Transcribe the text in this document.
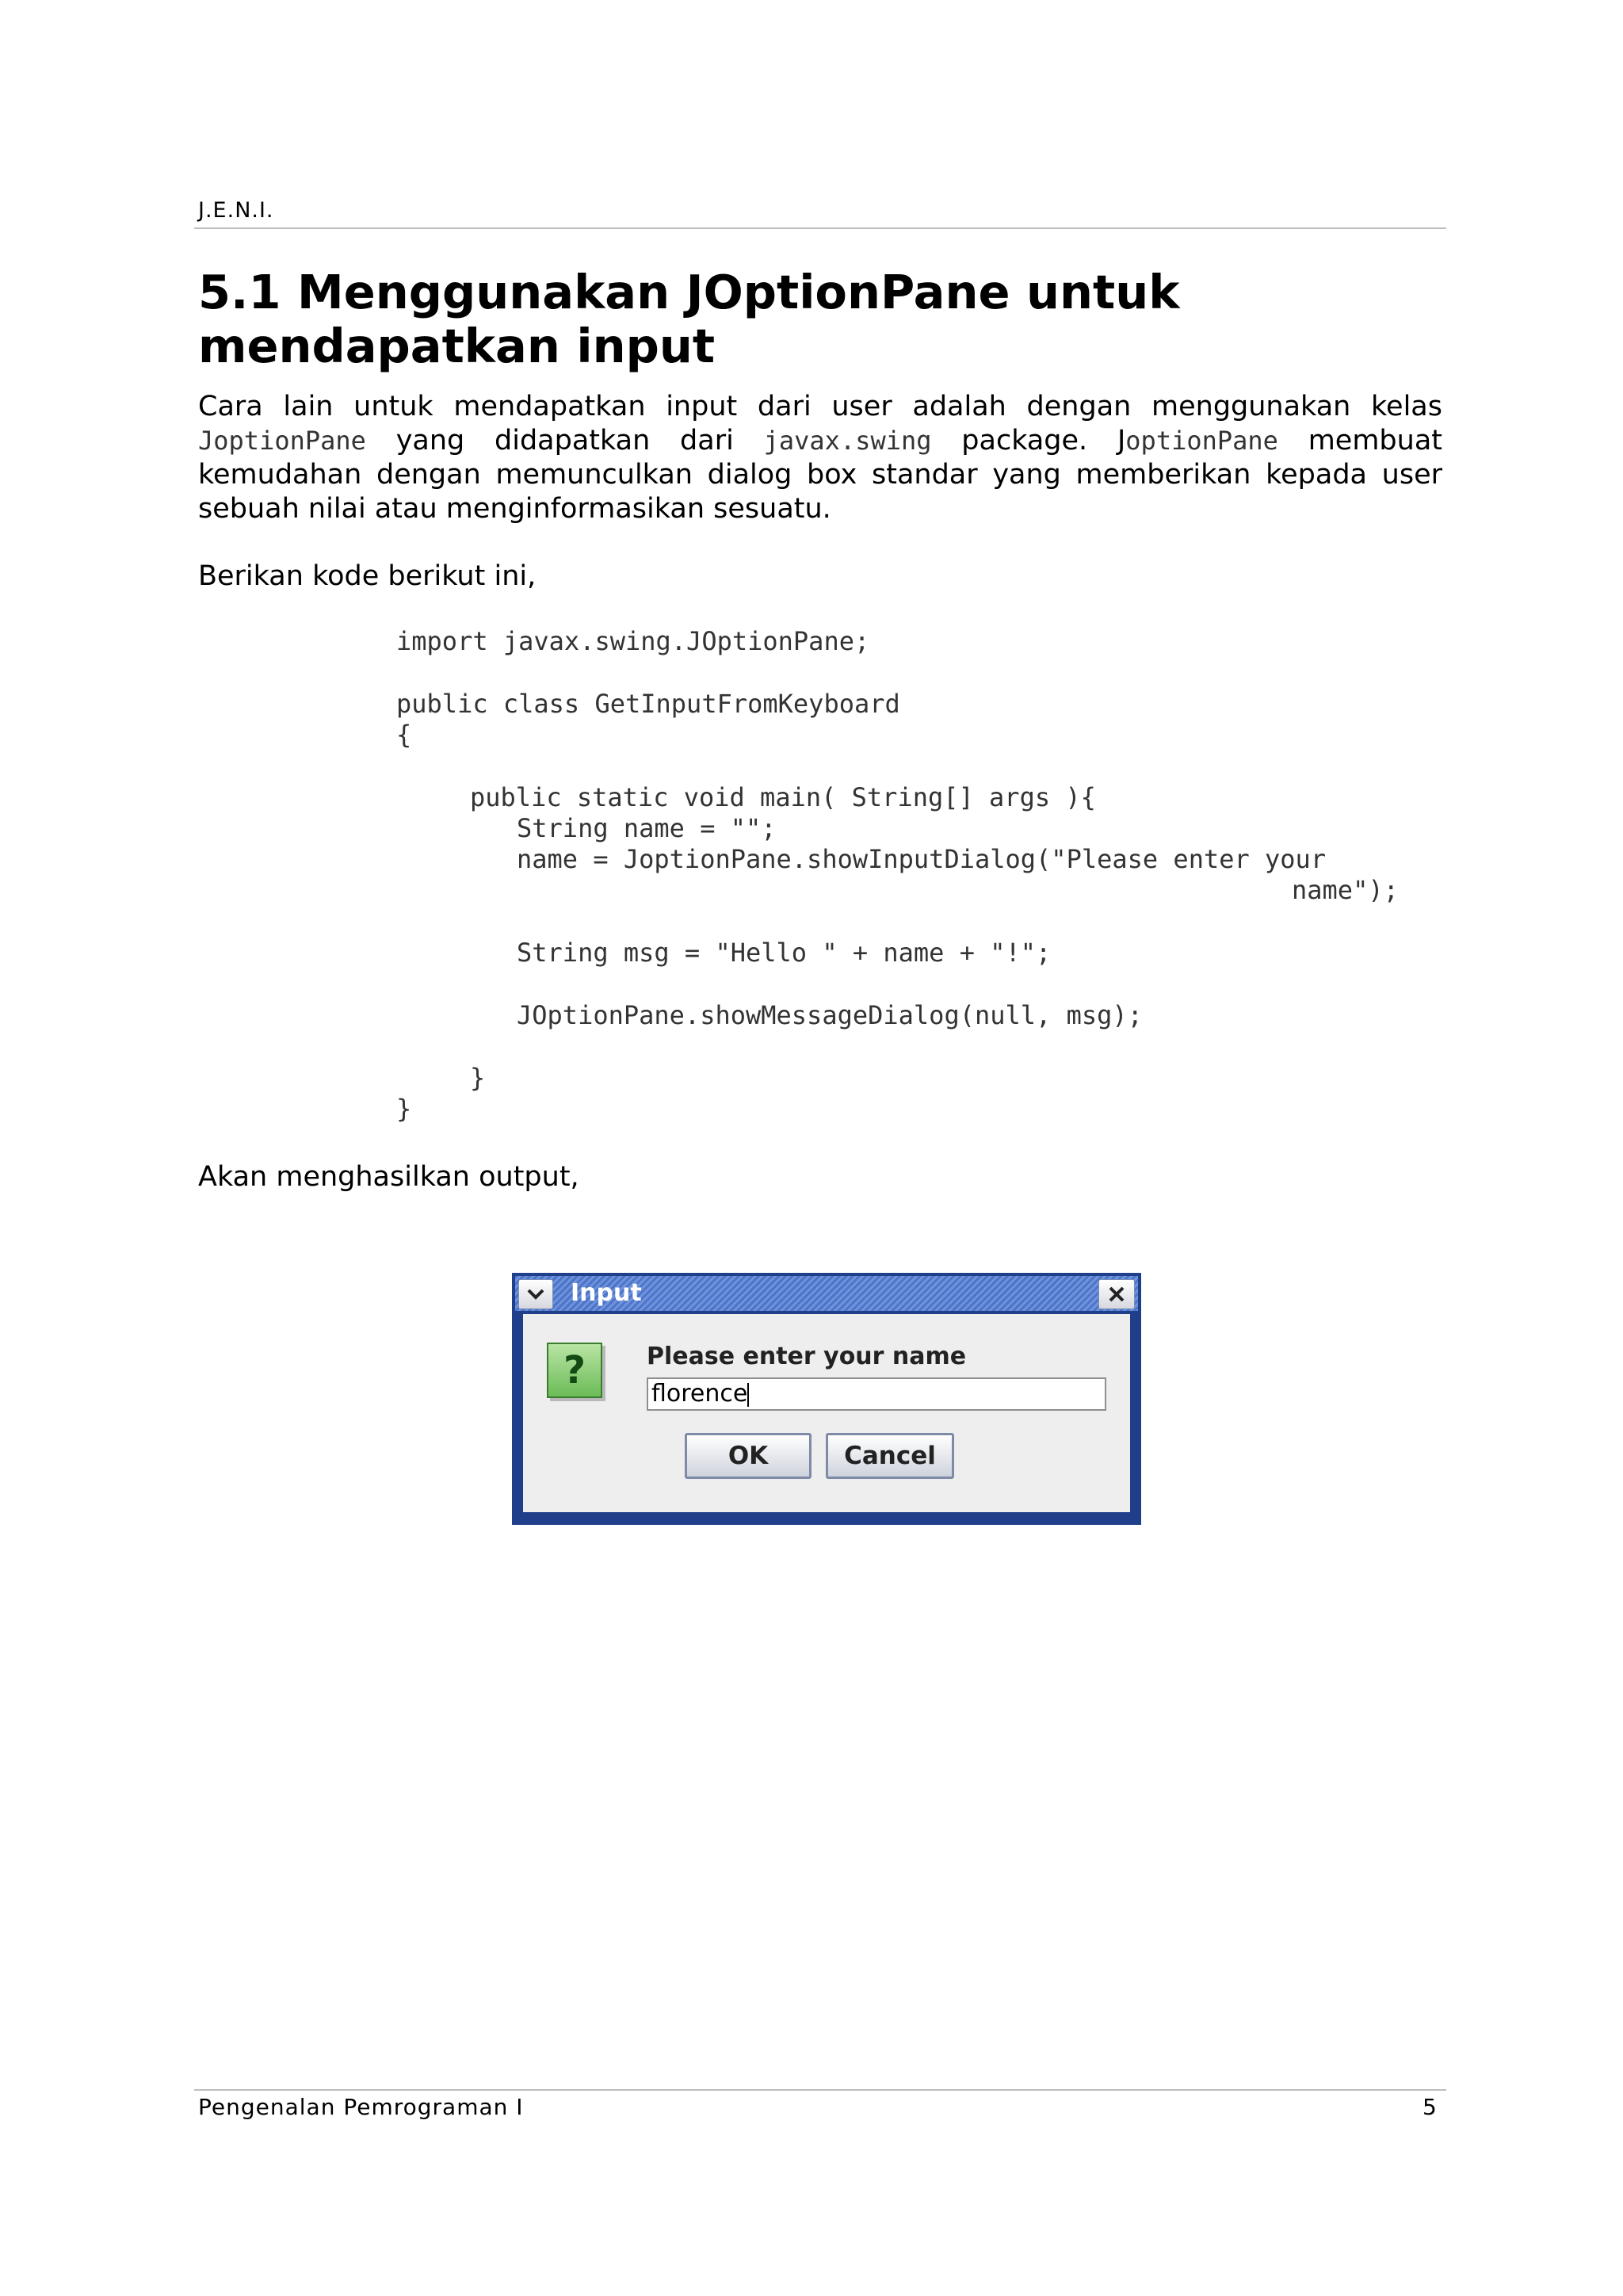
J.E.N.I.
5.1 Menggunakan JOptionPane untuk
mendapatkan input

Cara lain untuk mendapatkan input dari user adalah dengan menggunakan kelas JoptionPane yang didapatkan dari javax.swing package. JoptionPane membuat kemudahan dengan memunculkan dialog box standar yang memberikan kepada user sebuah nilai atau menginformasikan sesuatu.

Berikan kode berikut ini,

import javax.swing.JOptionPane;
public class GetInputFromKeyboard
{
public static void main( String[] args ){
String name = "";
name = JoptionPane.showInputDialog("Please enter your
name");
String msg = "Hello " + name + "!";
JOptionPane.showMessageDialog(null, msg);
}
}

Akan menghasilkan output,

Input
?	Please enter your name
florence
OK	Cancel
Pengenalan Pemrograman I	5
